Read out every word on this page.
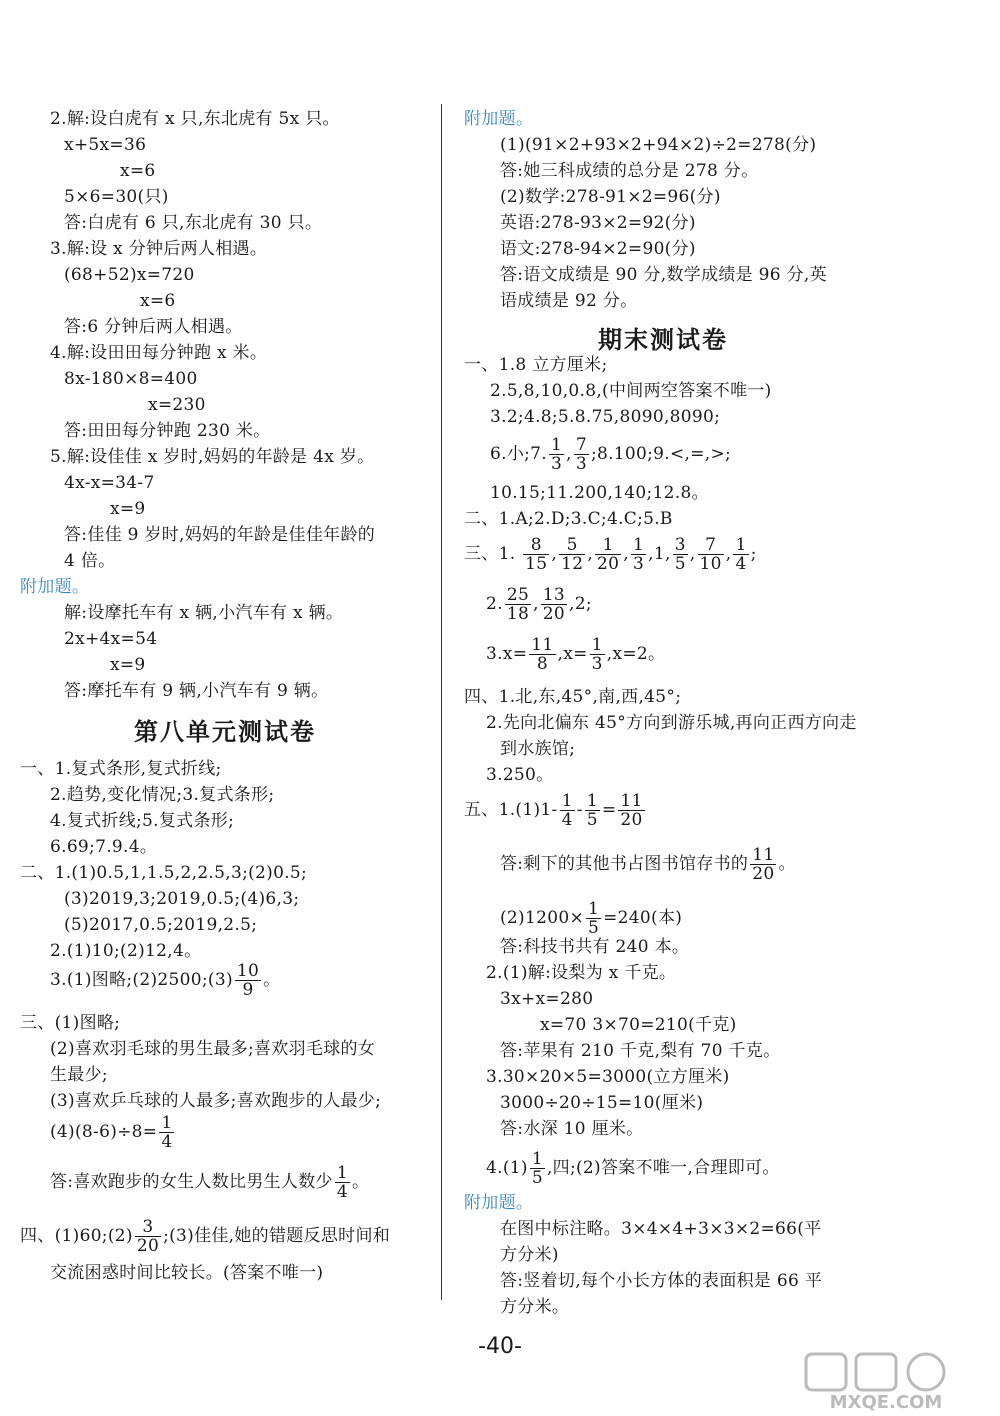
2.解:设白虎有 x 只,东北虎有 5x 只。
x+5x=36
x=6
5×6=30(只)
答:白虎有 6 只,东北虎有 30 只。
3.解:设 x 分钟后两人相遇。
(68+52)x=720
x=6
答:6 分钟后两人相遇。
4.解:设田田每分钟跑 x 米。
8x-180×8=400
x=230
答:田田每分钟跑 230 米。
5.解:设佳佳 x 岁时,妈妈的年龄是 4x 岁。
4x-x=34-7
x=9
答:佳佳 9 岁时,妈妈的年龄是佳佳年龄的
4 倍。
附加题。
解:设摩托车有 x 辆,小汽车有 x 辆。
2x+4x=54
x=9
答:摩托车有 9 辆,小汽车有 9 辆。
第八单元测试卷
一、1.复式条形,复式折线;
2.趋势,变化情况;3.复式条形;
4.复式折线;5.复式条形;
6.69;7.9.4。
二、1.(1)0.5,1,1.5,2,2.5,3;(2)0.5;
(3)2019,3;2019,0.5;(4)6,3;
(5)2017,0.5;2019,2.5;
2.(1)10;(2)12,4。
3.(1)图略;(2)2500;(3) $\frac{10}{9}$ 。
三、(1)图略;
(2)喜欢羽毛球的男生最多;喜欢羽毛球的女
生最少;
(3)喜欢乒乓球的人最多;喜欢跑步的人最少;
$(4)(8-6)\div 8= \frac{1}{4}$
答:喜欢跑步的女生人数比男生人数少 $\frac{1}{4}$ 。
四、(1)60;(2) $\frac{3}{20}$ ;(3)佳佳,她的错题反思时间和
交流困惑时间比较长。(答案不唯一)
附加题。
(1)(91×2+93×2+94×2)÷2=278(分)
答:她三科成绩的总分是 278 分。
(2)数学:278-91×2=96(分)
英语:278-93×2=92(分)
语文:278-94×2=90(分)
答:语文成绩是 90 分,数学成绩是 96 分,英
语成绩是 92 分。
期末测试卷
一、1.8 立方厘米;
2.5,8,10,0.8,(中间两空答案不唯一)
3.2;4.8;5.8.75,8090,8090;
6.小;7. $\frac{1}{3}$ , $\frac{7}{3}$ ;8.100;9.<,=,>;
10.15;11.200,140;12.8。
二、1.A;2.D;3.C;4.C;5.B
三、1. $\frac{8}{15}$ , $\frac{5}{12}$ , $\frac{1}{20}$ , $\frac{1}{3} ,1$, $\frac{3}{5}$ , $\frac{7}{10}$ , $\frac{1}{4}$ ;
2. $\frac{25}{18}$ , $\frac{13}{20} ,2$;
$3.x= \frac{11}{8} ,x= \frac{1}{3} ,x=2$。
四、1.北,东,45°,南,西,45°;
2.先向北偏东 45°方向到游乐城,再向正西方向走
到水族馆;
3.250。
五、$1.(1)1- \frac{1}{4} - \frac{1}{5} = \frac{11}{20}$
答:剩下的其他书占图书馆存书的 $\frac{11}{20}$ 。
$(2)1200\times \frac{1}{5} =240$(本)
答:科技书共有 240 本。
2.(1)解:设梨为 x 千克。
3x+x=280
x=70 3×70=210(千克)
答:苹果有 210 千克,梨有 70 千克。
3.30×20×5=3000(立方厘米)
3000÷20÷15=10(厘米)
答:水深 10 厘米。
$4.(1) \frac{1}{5}$ ,四;(2)答案不唯一,合理即可。
附加题。
在图中标注略。3×4×4+3×3×2=66(平
方分米)
答:竖着切,每个小长方体的表面积是 66 平
方分米。
-40-
MXQE.COM
